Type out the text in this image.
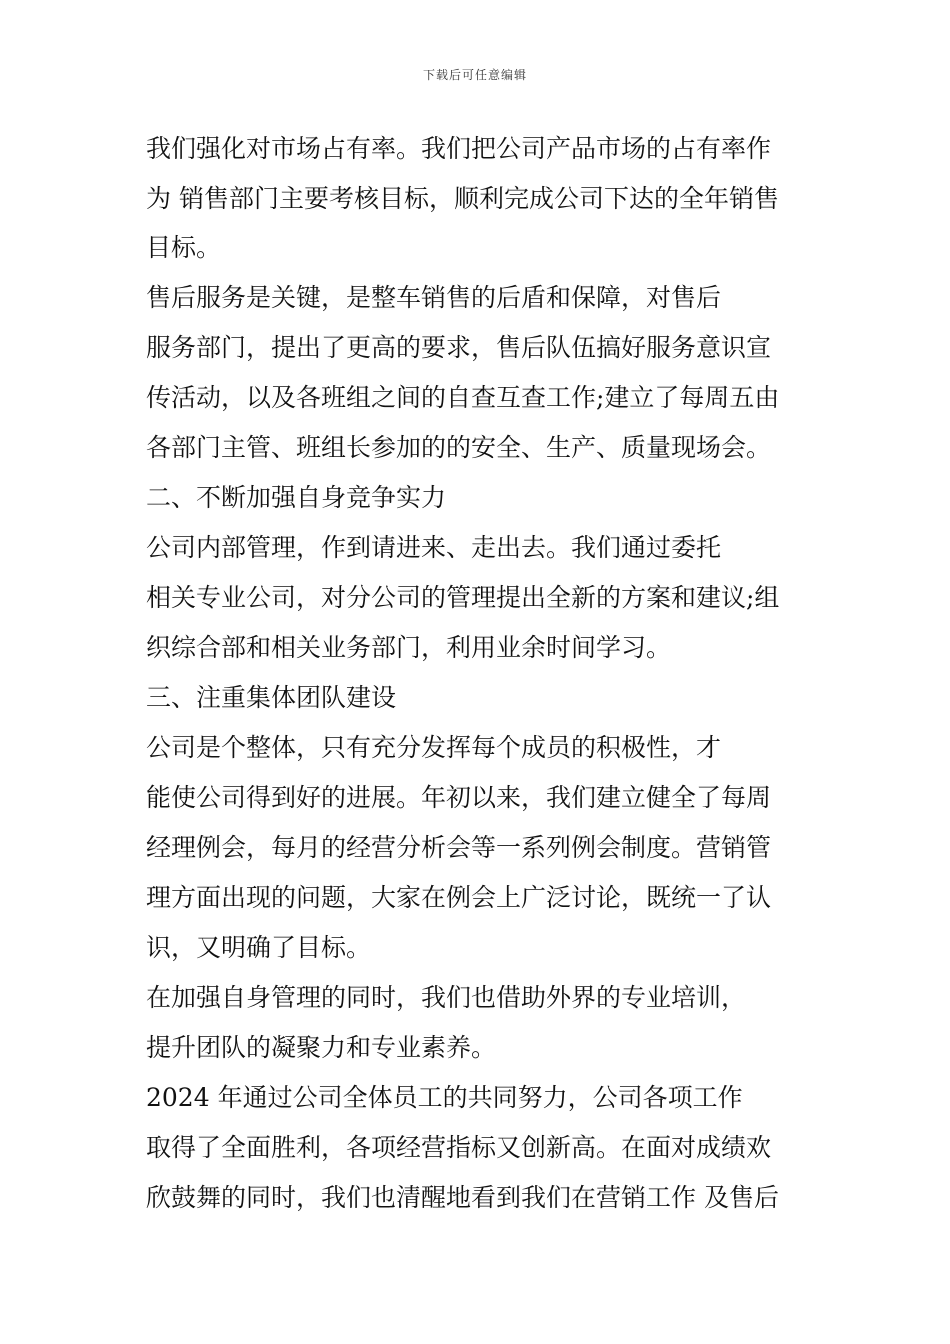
下载后可任意编辑
我们强化对市场占有率。我们把公司产品市场的占有率作
为 销售部门主要考核目标，顺利完成公司下达的全年销售
目标。
售后服务是关键，是整车销售的后盾和保障，对售后
服务部门，提出了更高的要求，售后队伍搞好服务意识宣
传活动，以及各班组之间的自查互查工作;建立了每周五由
各部门主管、班组长参加的的安全、生产、质量现场会。
二、不断加强自身竞争实力
公司内部管理，作到请进来、走出去。我们通过委托
相关专业公司，对分公司的管理提出全新的方案和建议;组
织综合部和相关业务部门，利用业余时间学习。
三、注重集体团队建设
公司是个整体，只有充分发挥每个成员的积极性，才
能使公司得到好的进展。年初以来，我们建立健全了每周
经理例会，每月的经营分析会等一系列例会制度。营销管
理方面出现的问题，大家在例会上广泛讨论，既统一了认
识，又明确了目标。
在加强自身管理的同时，我们也借助外界的专业培训，
提升团队的凝聚力和专业素养。
2024 年通过公司全体员工的共同努力，公司各项工作
取得了全面胜利，各项经营指标又创新高。在面对成绩欢
欣鼓舞的同时，我们也清醒地看到我们在营销工作 及售后
